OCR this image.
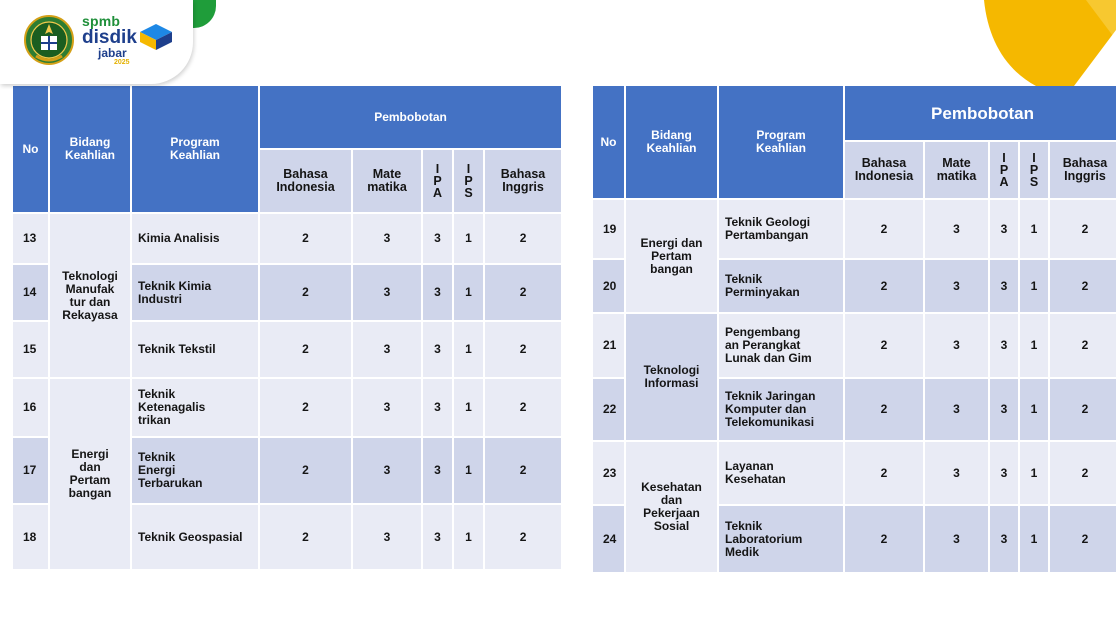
spmb
disdik
jabar
2025
No	Bidang
Keahlian	Program
Keahlian	Pembobotan				
			Bahasa
Indonesia	Mate
matika	I
P
A	I
P
S	Bahasa
Inggris
13	Teknologi
Manufak
tur dan
Rekayasa	Kimia Analisis	2	3	3	1	2
14		Teknik Kimia
Industri	2	3	3	1	2
15		Teknik Tekstil	2	3	3	1	2
16	Energi
dan
Pertam
bangan	Teknik
Ketenagalis
trikan	2	3	3	1	2
17		Teknik
Energi
Terbarukan	2	3	3	1	2
18		Teknik Geospasial	2	3	3	1	2
No	Bidang
Keahlian	Program
Keahlian	Pembobotan				
			Bahasa
Indonesia	Mate
matika	I
P
A	I
P
S	Bahasa
Inggris
19	Energi dan
Pertam
bangan	Teknik Geologi
Pertambangan	2	3	3	1	2
20		Teknik
Perminyakan	2	3	3	1	2
21	Teknologi
Informasi	Pengembang
an Perangkat
Lunak dan Gim	2	3	3	1	2
22		Teknik Jaringan
Komputer dan
Telekomunikasi	2	3	3	1	2
23	Kesehatan
dan
Pekerjaan
Sosial	Layanan
Kesehatan	2	3	3	1	2
24		Teknik
Laboratorium
Medik	2	3	3	1	2
